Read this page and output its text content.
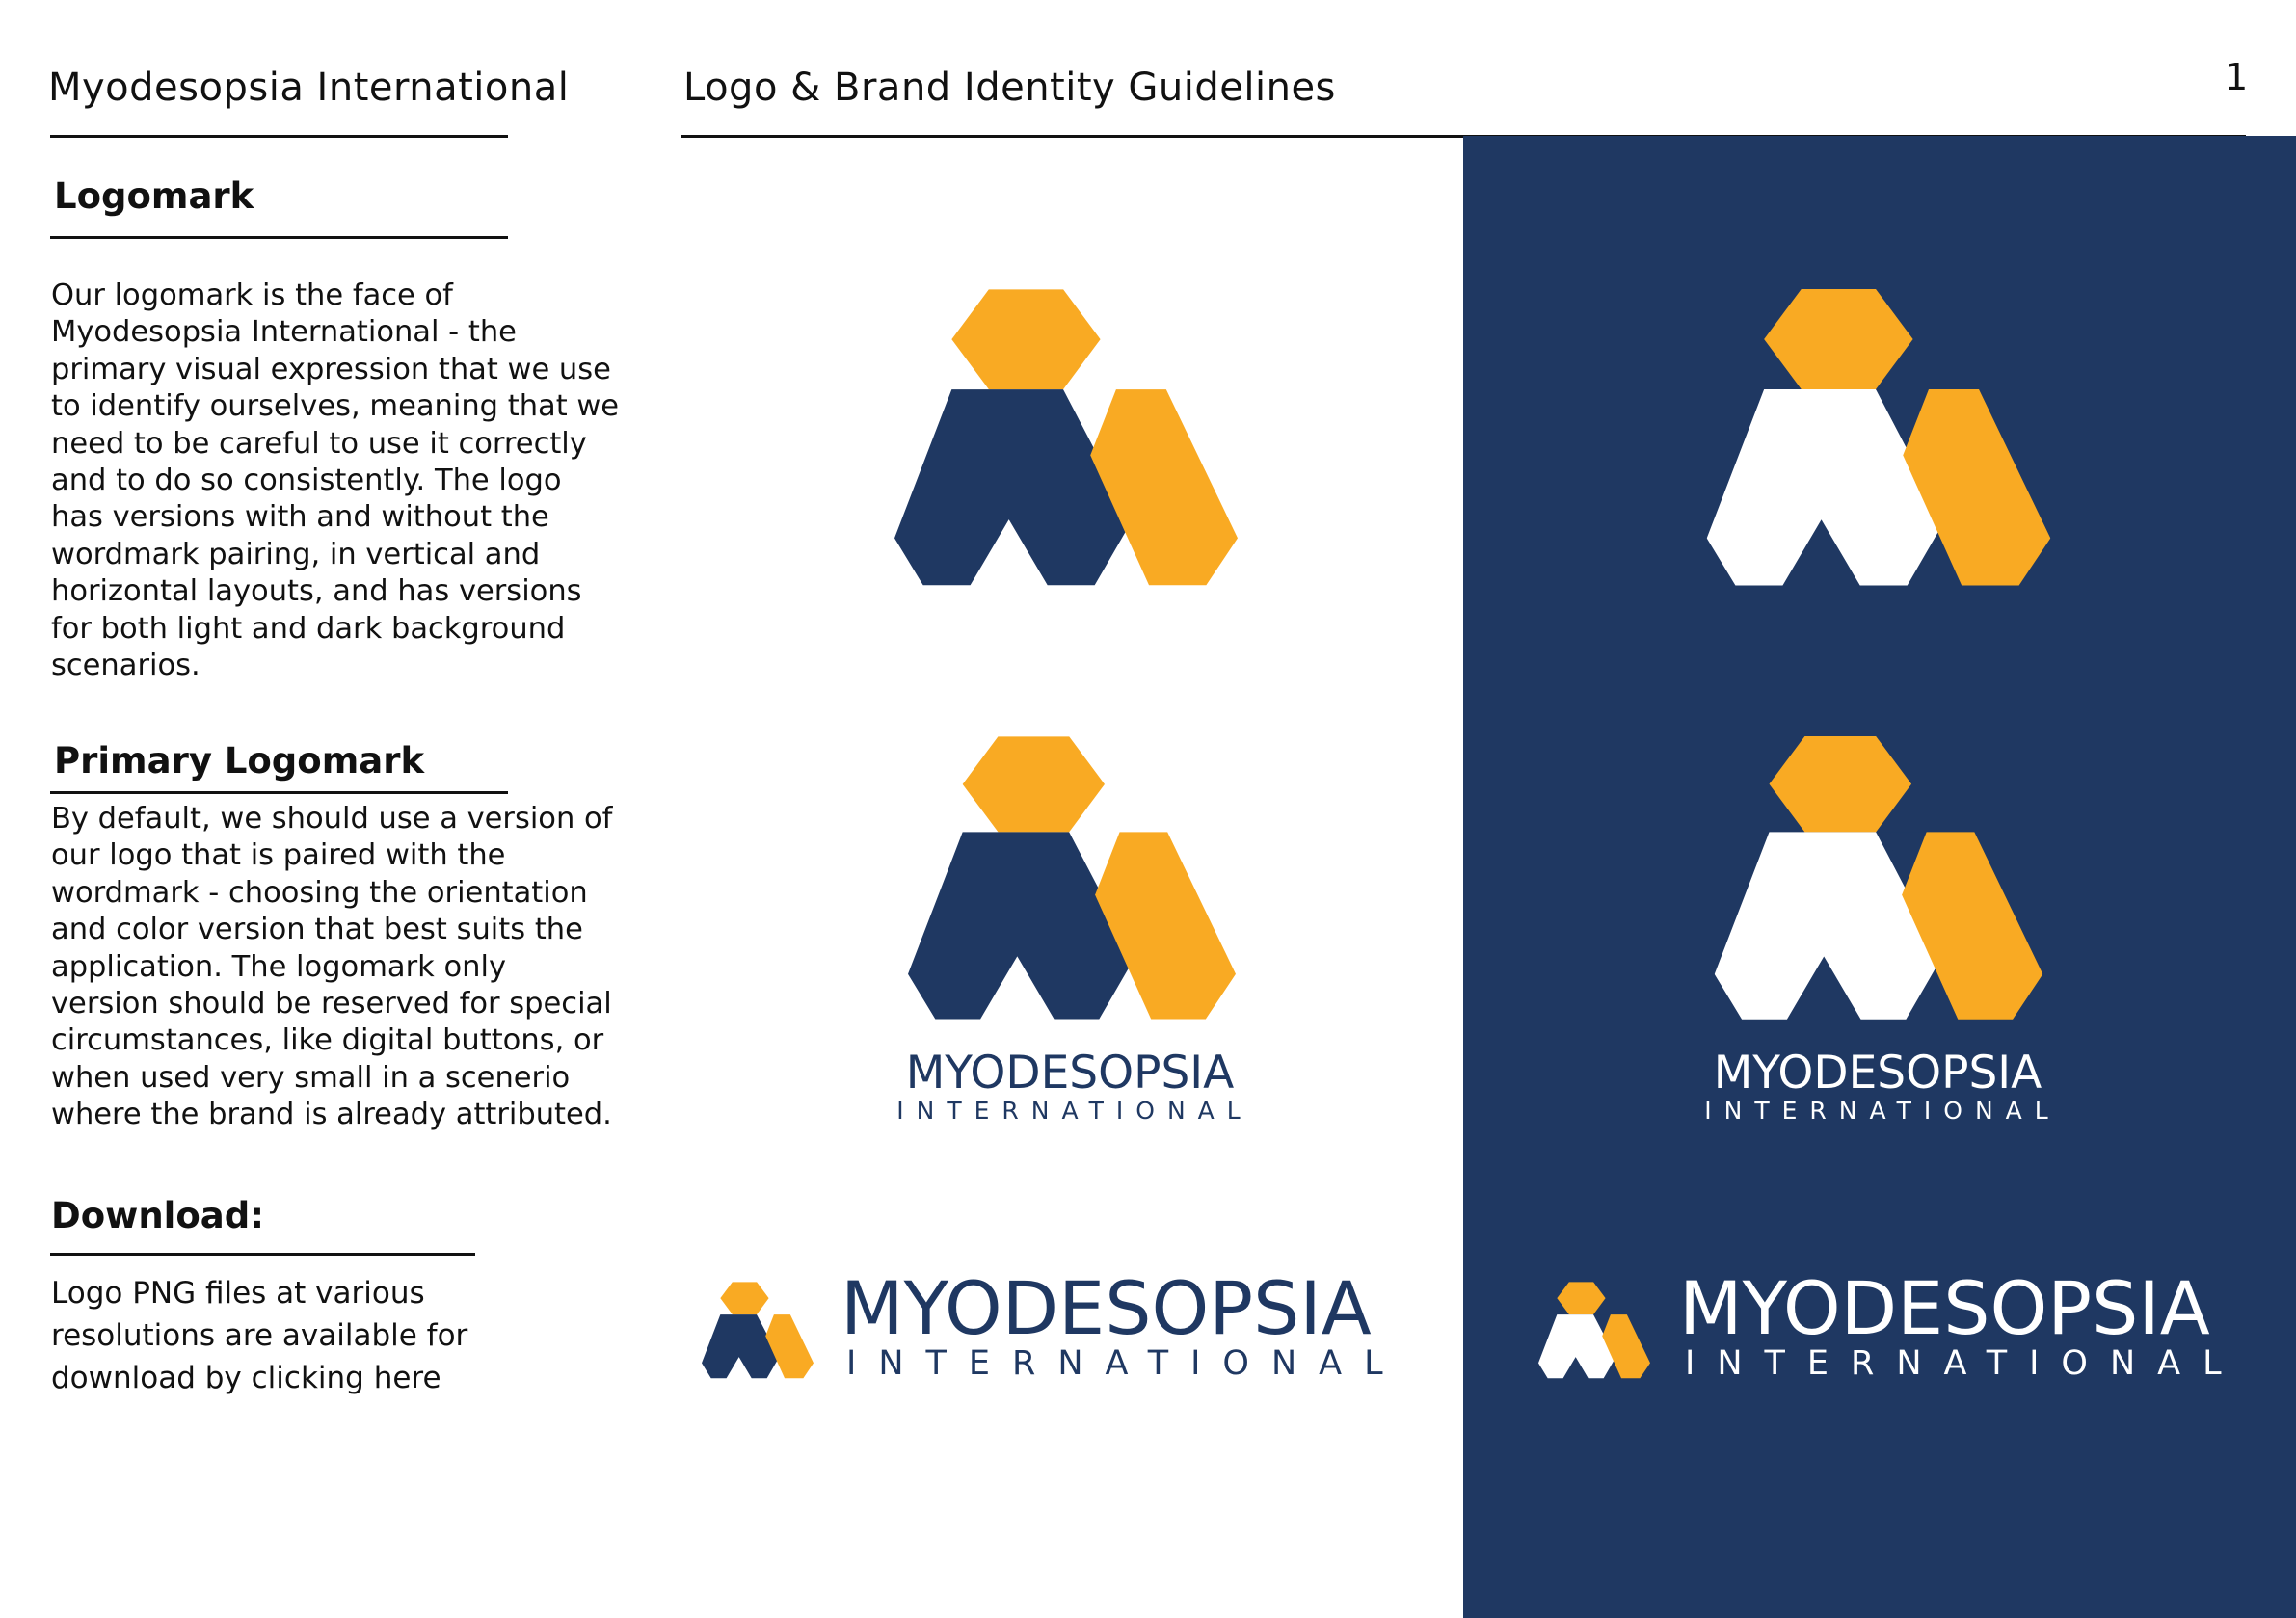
Myodesopsia International	Logo & Brand Identity Guidelines	1
Logomark
Our logomark is the face of
Myodesopsia International - the
primary visual expression that we use
to identify ourselves, meaning that we
need to be careful to use it correctly
and to do so consistently. The logo
has versions with and without the
wordmark pairing, in vertical and
horizontal layouts, and has versions
for both light and dark background
scenarios.
Primary Logomark
By default, we should use a version of
our logo that is paired with the
wordmark - choosing the orientation
and color version that best suits the
application. The logomark only
version should be reserved for special
circumstances, like digital buttons, or
when used very small in a scenerio
where the brand is already attributed.
Download:
Logo PNG files at various
resolutions are available for
download by clicking here
MYODESOPSIA
INTERNATIONAL
MYODESOPSIA
INTERNATIONAL
MYODESOPSIA
INTERNATIONAL
MYODESOPSIA
INTERNATIONAL
